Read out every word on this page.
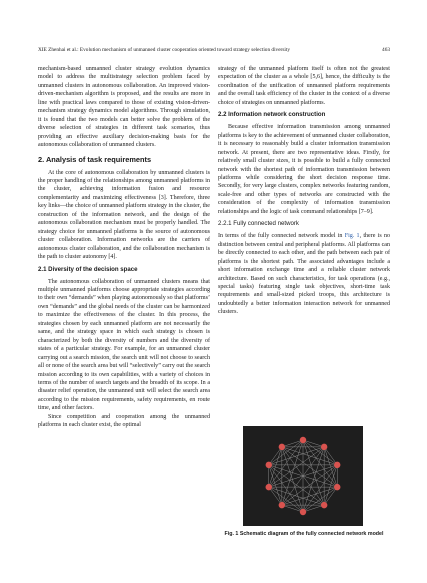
XIE Zhenhai et al.: Evolution mechanism of unmanned cluster cooperation oriented toward strategy selection diversity	463

mechanism-based unmanned cluster strategy evolution dynamics model to address the multistrategy selection problem faced by unmanned clusters in autonomous collaboration. An improved vision-driven-mechanism algorithm is proposed, and the results are more in line with practical laws compared to those of existing vision-driven-mechanism strategy dynamics model algorithms. Through simulation, it is found that the two models can better solve the problem of the diverse selection of strategies in different task scenarios, thus providing an effective auxiliary decision-making basis for the autonomous collaboration of unmanned clusters.

2. Analysis of task requirements

At the core of autonomous collaboration by unmanned clusters is the proper handling of the relationships among unmanned platforms in the cluster, achieving information fusion and resource complementarity and maximizing effectiveness [3]. Therefore, three key links—the choice of unmanned platform strategy in the cluster, the construction of the information network, and the design of the autonomous collaboration mechanism must be properly handled. The strategy choice for unmanned platforms is the source of autonomous cluster collaboration. Information networks are the carriers of autonomous cluster collaboration, and the collaboration mechanism is the path to cluster autonomy [4].

2.1 Diversity of the decision space

The autonomous collaboration of unmanned clusters means that multiple unmanned platforms choose appropriate strategies according to their own “demands” when playing autonomously so that platforms’ own “demands” and the global needs of the cluster can be harmonized to maximize the effectiveness of the cluster. In this process, the strategies chosen by each unmanned platform are not necessarily the same, and the strategy space in which each strategy is chosen is characterized by both the diversity of numbers and the diversity of states of a particular strategy. For example, for an unmanned cluster carrying out a search mission, the search unit will not choose to search all or none of the search area but will “selectively” carry out the search mission according to its own capabilities, with a variety of choices in terms of the number of search targets and the breadth of its scope. In a disaster relief operation, the unmanned unit will select the search area according to the mission requirements, safety requirements, en route time, and other factors.

Since competition and cooperation among the unmanned platforms in each cluster exist, the optimal

strategy of the unmanned platform itself is often not the greatest expectation of the cluster as a whole [5,6], hence, the difficulty is the coordination of the unification of unmanned platform requirements and the overall task efficiency of the cluster in the context of a diverse choice of strategies on unmanned platforms.

2.2 Information network construction

Because effective information transmission among unmanned platforms is key to the achievement of unmanned cluster collaboration, it is necessary to reasonably build a cluster information transmission network. At present, there are two representative ideas. Firstly, for relatively small cluster sizes, it is possible to build a fully connected network with the shortest path of information transmission between platforms while considering the short decision response time. Secondly, for very large clusters, complex networks featuring random, scale-free and other types of networks are constructed with the consideration of the complexity of information transmission relationships and the logic of task command relationships [7–9].

2.2.1 Fully connected network

In terms of the fully connected network model in Fig. 1, there is no distinction between central and peripheral platforms. All platforms can be directly connected to each other, and the path between each pair of platforms is the shortest path. The associated advantages include a short information exchange time and a reliable cluster network architecture. Based on such characteristics, for task operations (e.g., special tasks) featuring single task objectives, short-time task requirements and small-sized picked troops, this architecture is undoubtedly a better information interaction network for unmanned clusters.

Fig. 1 Schematic diagram of the fully connected network model
